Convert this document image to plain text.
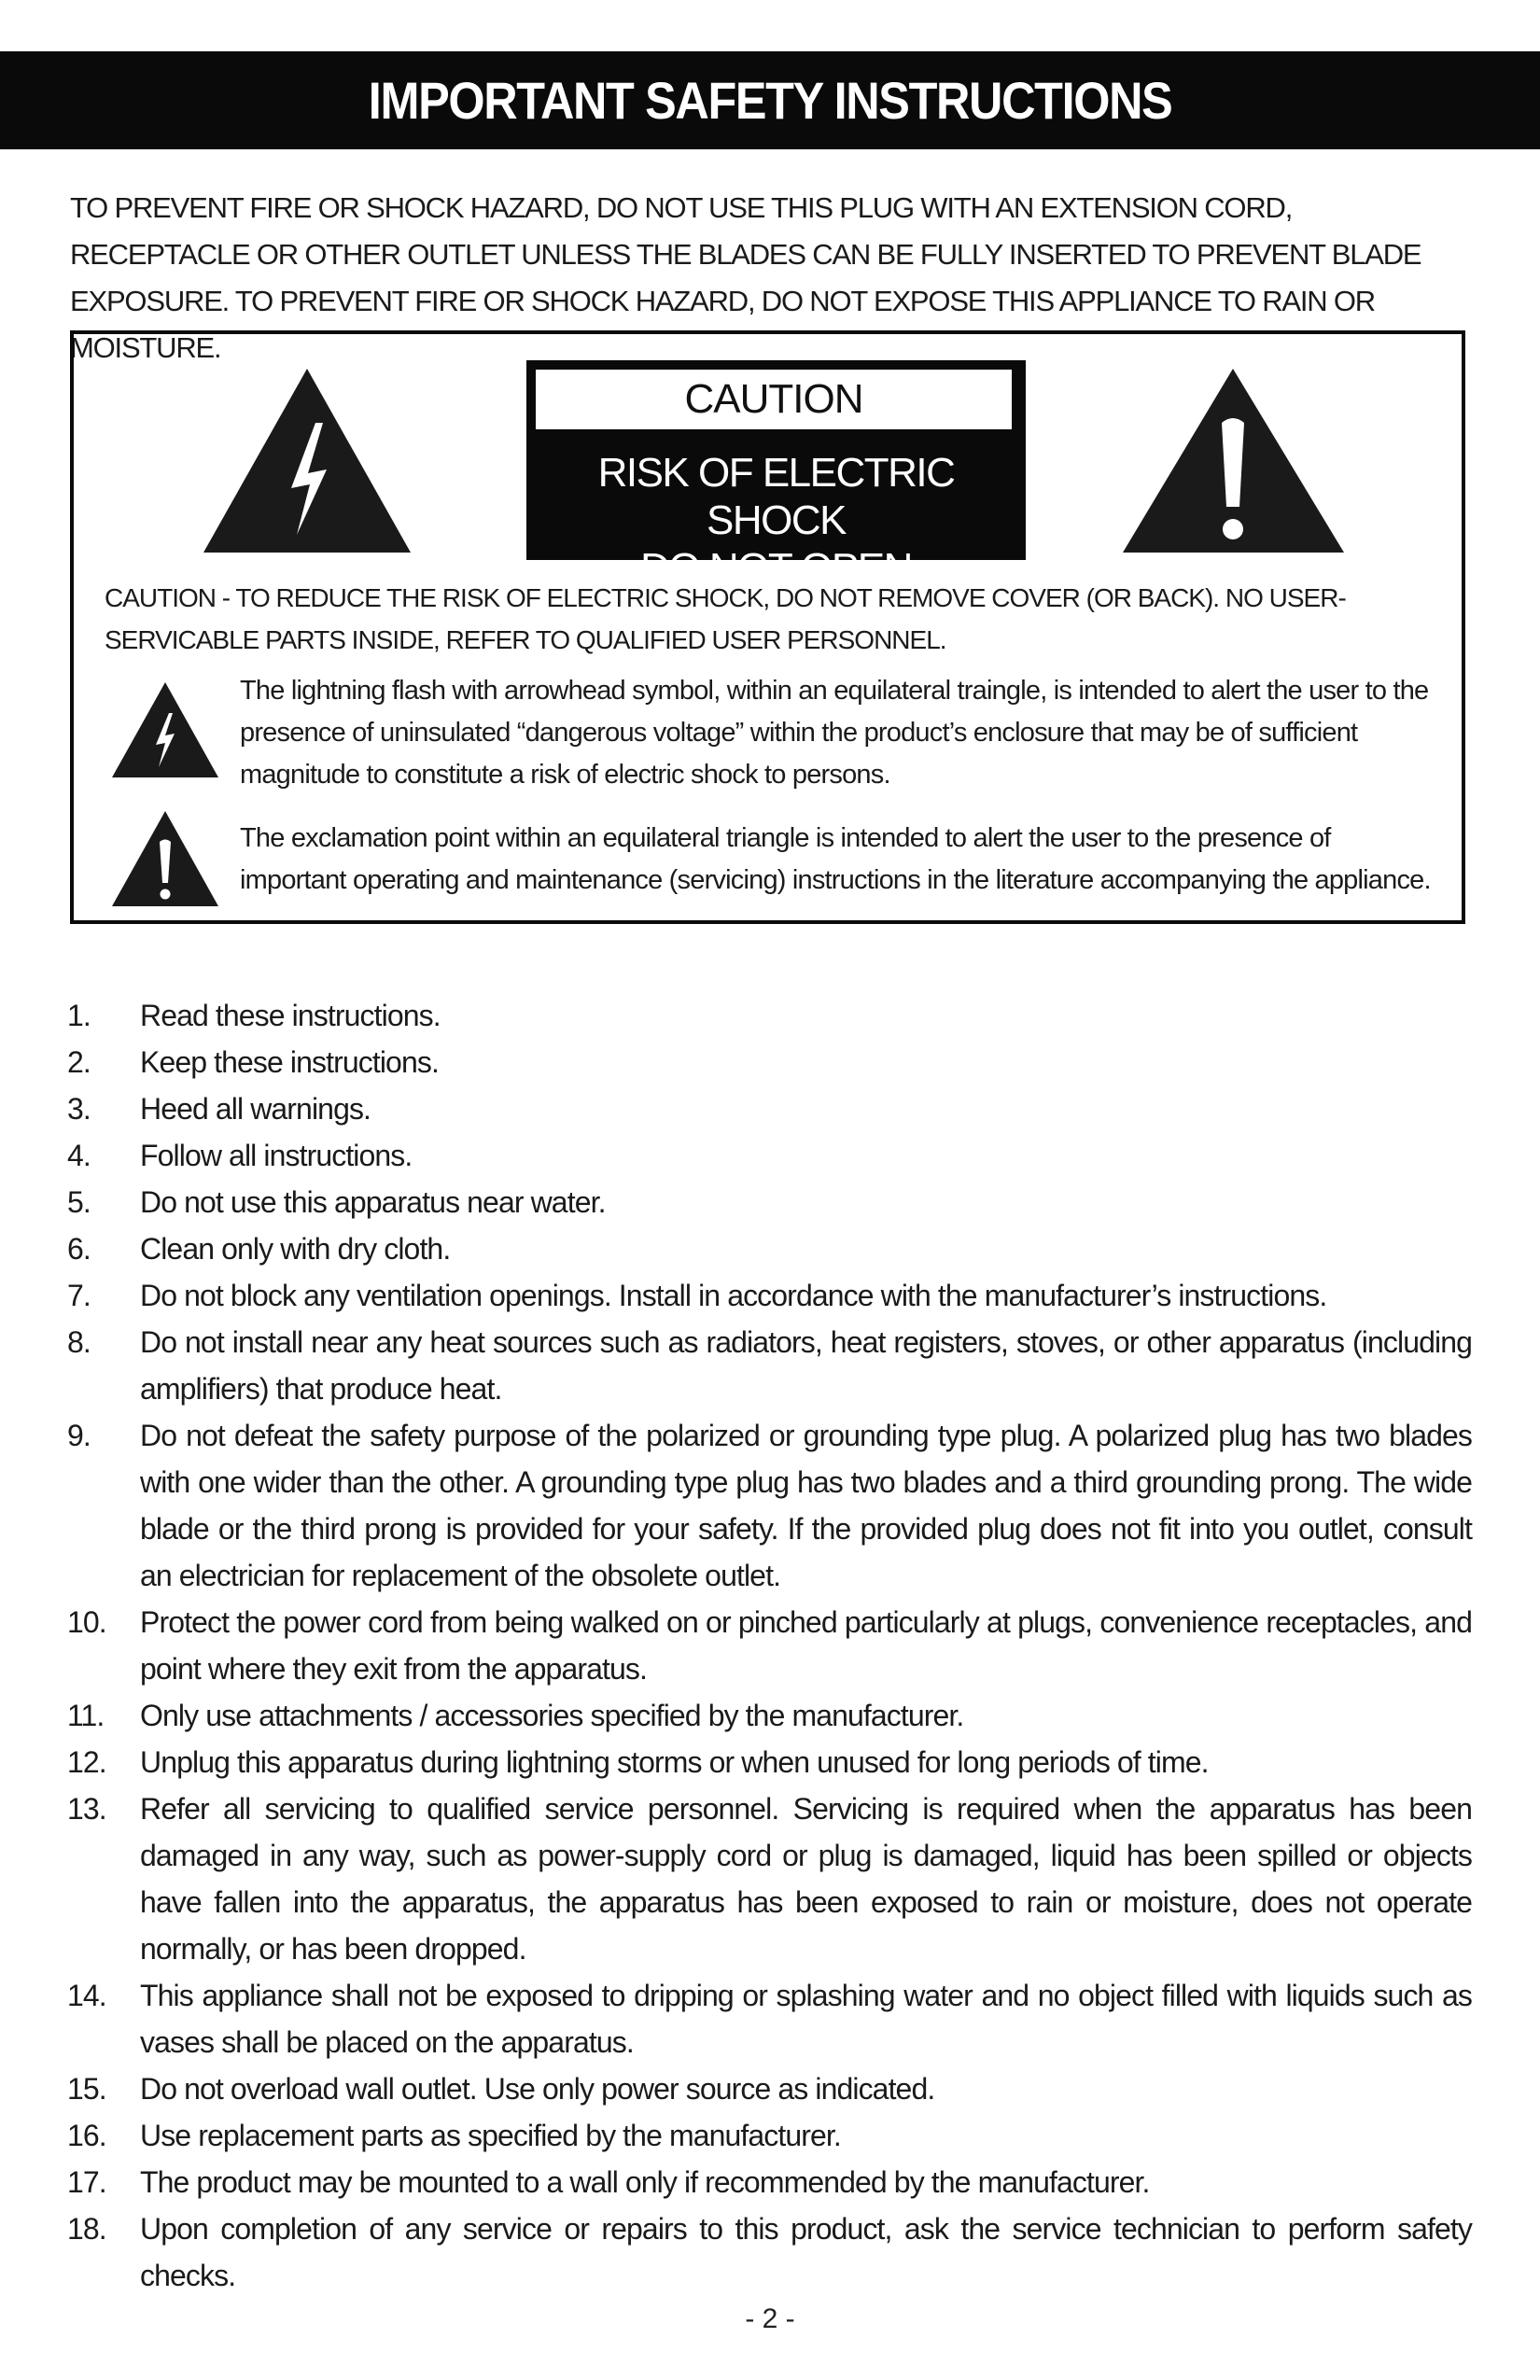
IMPORTANT SAFETY INSTRUCTIONS
TO PREVENT FIRE OR SHOCK HAZARD, DO NOT USE THIS PLUG WITH AN EXTENSION CORD, RECEPTACLE OR OTHER OUTLET UNLESS THE BLADES CAN BE FULLY INSERTED TO PREVENT BLADE EXPOSURE. TO PREVENT FIRE OR SHOCK HAZARD, DO NOT EXPOSE THIS APPLIANCE TO RAIN OR MOISTURE.
CAUTION
RISK OF ELECTRIC SHOCK
DO NOT OPEN
CAUTION - TO REDUCE THE RISK OF ELECTRIC SHOCK, DO NOT REMOVE COVER (OR BACK). NO USER-SERVICABLE PARTS INSIDE, REFER TO QUALIFIED USER PERSONNEL.
The lightning flash with arrowhead symbol, within an equilateral traingle, is intended to alert the user to the presence of uninsulated “dangerous voltage” within the product’s enclosure that may be of sufficient magnitude to constitute a risk of electric shock to persons.
The exclamation point within an equilateral triangle is intended to alert the user to the presence of important operating and maintenance (servicing) instructions in the literature accompanying the appliance.
1.	Read these instructions.
2.	Keep these instructions.
3.	Heed all warnings.
4.	Follow all instructions.
5.	Do not use this apparatus near water.
6.	Clean only with dry cloth.
7.	Do not block any ventilation openings. Install in accordance with the manufacturer’s instructions.
8.	Do not install near any heat sources such as radiators, heat registers, stoves, or other apparatus (including amplifiers) that produce heat.
9.	Do not defeat the safety purpose of the polarized or grounding type plug. A polarized plug has two blades with one wider than the other. A grounding type plug has two blades and a third grounding prong. The wide blade or the third prong is provided for your safety. If the provided plug does not fit into you outlet, consult an electrician for replacement of the obsolete outlet.
10.	Protect the power cord from being walked on or pinched particularly at plugs, convenience receptacles, and point where they exit from the apparatus.
11.	Only use attachments / accessories specified by the manufacturer.
12.	Unplug this apparatus during lightning storms or when unused for long periods of time.
13.	Refer all servicing to qualified service personnel. Servicing is required when the apparatus has been damaged in any way, such as power-supply cord or plug is damaged, liquid has been spilled or objects have fallen into the apparatus, the apparatus has been exposed to rain or moisture, does not operate normally, or has been dropped.
14.	This appliance shall not be exposed to dripping or splashing water and no object filled with liquids such as vases shall be placed on the apparatus.
15.	Do not overload wall outlet. Use only power source as indicated.
16.	Use replacement parts as specified by the manufacturer.
17.	The product may be mounted to a wall only if recommended by the manufacturer.
18.	Upon completion of any service or repairs to this product, ask the service technician to perform safety checks.
- 2 -
